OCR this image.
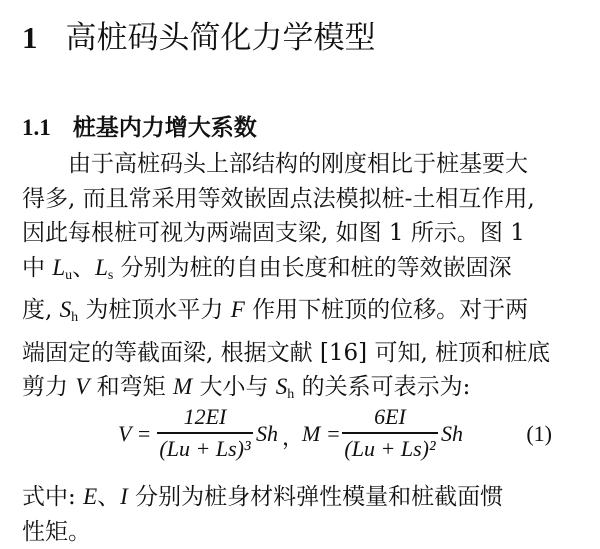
1 高桩码头简化力学模型
1.1 桩基内力增大系数
由于高桩码头上部结构的刚度相比于桩基要大
得多, 而且常采用等效嵌固点法模拟桩-土相互作用,
因此每根桩可视为两端固支梁, 如图 1 所示。图 1
中 $L_u$、$L_s$ 分别为桩的自由长度和桩的等效嵌固深
度, $S_h$ 为桩顶水平力 F 作用下桩顶的位移。对于两
端固定的等截面梁, 根据文献 [16] 可知, 桩顶和桩底
剪力 V 和弯矩 M 大小与 $S_h$ 的关系可表示为:
V =
12EI
(Lu + Ls)³
Sh ，
M =
6EI
(Lu + Ls)²
Sh	(1)
式中: E、I 分别为桩身材料弹性模量和桩截面惯
性矩。
